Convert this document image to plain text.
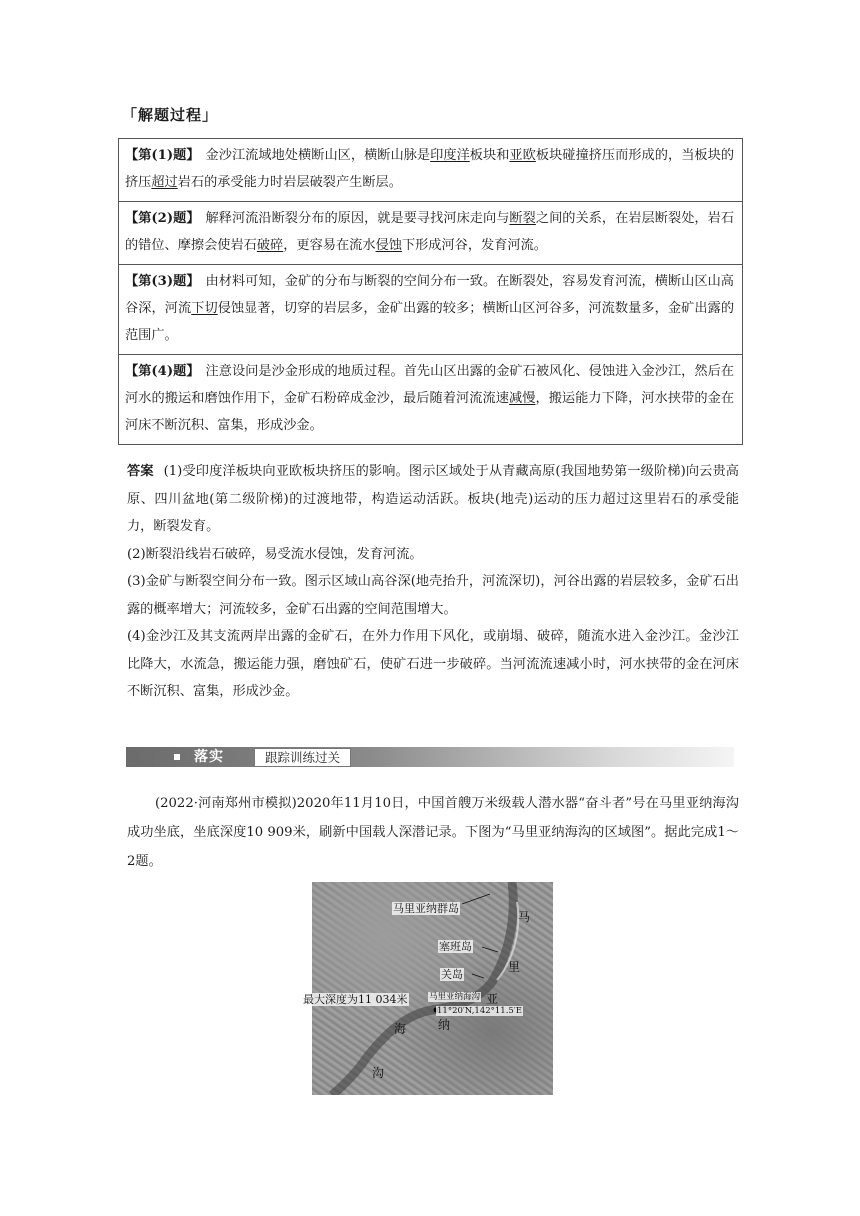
「解题过程」
【第(1)题】 金沙江流域地处横断山区，横断山脉是印度洋板块和亚欧板块碰撞挤压而形成的，当板块的挤压超过岩石的承受能力时岩层破裂产生断层。
【第(2)题】 解释河流沿断裂分布的原因，就是要寻找河床走向与断裂之间的关系，在岩层断裂处，岩石的错位、摩擦会使岩石破碎，更容易在流水侵蚀下形成河谷，发育河流。
【第(3)题】 由材料可知，金矿的分布与断裂的空间分布一致。在断裂处，容易发育河流，横断山区山高谷深，河流下切侵蚀显著，切穿的岩层多，金矿出露的较多；横断山区河谷多，河流数量多，金矿出露的范围广。
【第(4)题】 注意设问是沙金形成的地质过程。首先山区出露的金矿石被风化、侵蚀进入金沙江，然后在河水的搬运和磨蚀作用下，金矿石粉碎成金沙，最后随着河流流速减慢，搬运能力下降，河水挟带的金在河床不断沉积、富集，形成沙金。

答案 (1)受印度洋板块向亚欧板块挤压的影响。图示区域处于从青藏高原(我国地势第一级阶梯)向云贵高原、四川盆地(第二级阶梯)的过渡地带，构造运动活跃。板块(地壳)运动的压力超过这里岩石的承受能力，断裂发育。

(2)断裂沿线岩石破碎，易受流水侵蚀，发育河流。

(3)金矿与断裂空间分布一致。图示区域山高谷深(地壳抬升，河流深切)，河谷出露的岩层较多，金矿石出露的概率增大；河流较多，金矿石出露的空间范围增大。

(4)金沙江及其支流两岸出露的金矿石，在外力作用下风化，或崩塌、破碎，随流水进入金沙江。金沙江比降大，水流急，搬运能力强，磨蚀矿石，使矿石进一步破碎。当河流流速减小时，河水挟带的金在河床不断沉积、富集，形成沙金。

落实	跟踪训练过关
(2022·河南郑州市模拟)2020年11月10日，中国首艘万米级载人潜水器“奋斗者”号在马里亚纳海沟成功坐底，坐底深度10 909米，刷新中国载人深潜记录。下图为“马里亚纳海沟的区域图”。据此完成1～2题。
马里亚纳群岛
塞班岛
关岛
最大深度为11 034米	马里亚纳海沟
11°20′N,142°11.5′E
马
里
亚
纳
海
沟
